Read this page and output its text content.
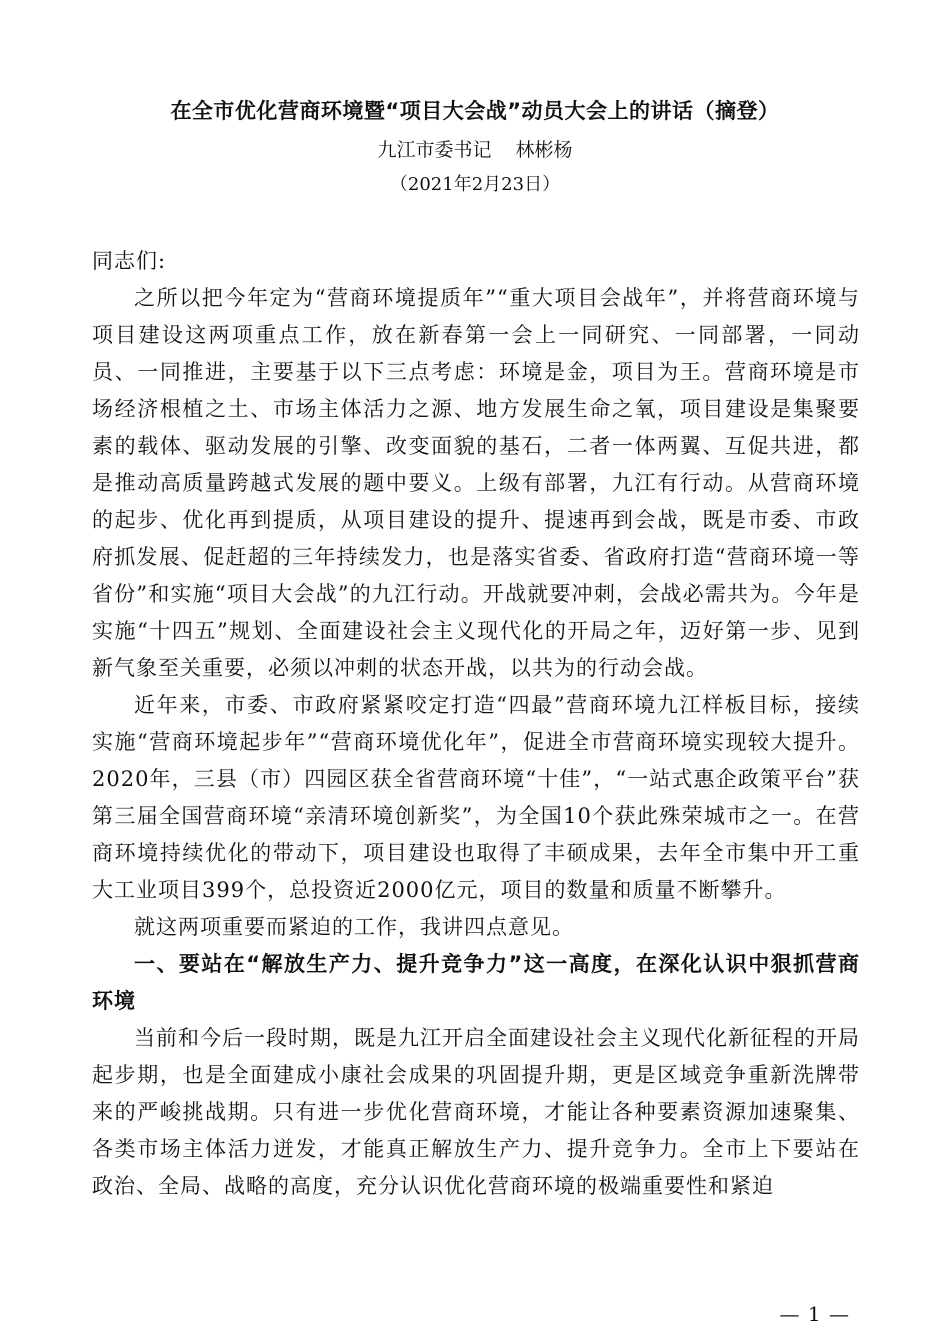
在全市优化营商环境暨“项目大会战”动员大会上的讲话（摘登）
九江市委书记 林彬杨
（2021年2月23日）

同志们:

之所以把今年定为“营商环境提质年”“重大项目会战年”，并将营商环境与项目建设这两项重点工作，放在新春第一会上一同研究、一同部署，一同动员、一同推进，主要基于以下三点考虑：环境是金，项目为王。营商环境是市场经济根植之土、市场主体活力之源、地方发展生命之氧，项目建设是集聚要素的载体、驱动发展的引擎、改变面貌的基石，二者一体两翼、互促共进，都是推动高质量跨越式发展的题中要义。上级有部署，九江有行动。从营商环境的起步、优化再到提质，从项目建设的提升、提速再到会战，既是市委、市政府抓发展、促赶超的三年持续发力，也是落实省委、省政府打造“营商环境一等省份”和实施“项目大会战”的九江行动。开战就要冲刺，会战必需共为。今年是实施“十四五”规划、全面建设社会主义现代化的开局之年，迈好第一步、见到新气象至关重要，必须以冲刺的状态开战，以共为的行动会战。

近年来，市委、市政府紧紧咬定打造“四最”营商环境九江样板目标，接续实施“营商环境起步年”“营商环境优化年”，促进全市营商环境实现较大提升。2020年，三县（市）四园区获全省营商环境“十佳”，“一站式惠企政策平台”获第三届全国营商环境“亲清环境创新奖”，为全国10个获此殊荣城市之一。在营商环境持续优化的带动下，项目建设也取得了丰硕成果，去年全市集中开工重大工业项目399个，总投资近2000亿元，项目的数量和质量不断攀升。

就这两项重要而紧迫的工作，我讲四点意见。

一、要站在“解放生产力、提升竞争力”这一高度，在深化认识中狠抓营商环境

当前和今后一段时期，既是九江开启全面建设社会主义现代化新征程的开局起步期，也是全面建成小康社会成果的巩固提升期，更是区域竞争重新洗牌带来的严峻挑战期。只有进一步优化营商环境，才能让各种要素资源加速聚集、各类市场主体活力迸发，才能真正解放生产力、提升竞争力。全市上下要站在政治、全局、战略的高度，充分认识优化营商环境的极端重要性和紧迫

— 1 —
